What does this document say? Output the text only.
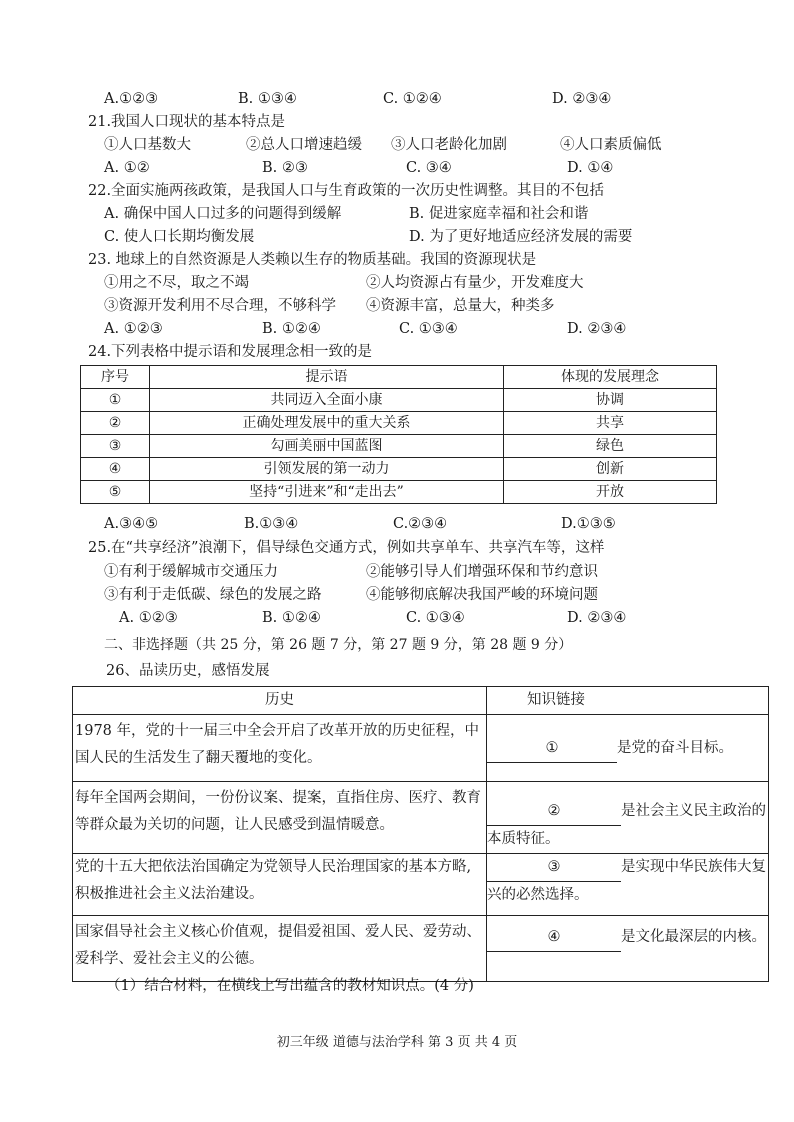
A.①②③	B. ①③④	C. ①②④	D. ②③④
21.我国人口现状的基本特点是
①人口基数大	②总人口增速趋缓 ③人口老龄化加剧	④人口素质偏低
A. ①②	B. ②③	C. ③④	D. ①④
22.全面实施两孩政策，是我国人口与生育政策的一次历史性调整。其目的不包括
A. 确保中国人口过多的问题得到缓解	B. 促进家庭幸福和社会和谐
C. 使人口长期均衡发展	D. 为了更好地适应经济发展的需要
23. 地球上的自然资源是人类赖以生存的物质基础。我国的资源现状是
①用之不尽，取之不竭	②人均资源占有量少，开发难度大
③资源开发利用不尽合理，不够科学 ④资源丰富，总量大，种类多
A. ①②③	B. ①②④	C. ①③④	D. ②③④
24.下列表格中提示语和发展理念相一致的是
序号	提示语	体现的发展理念
①	共同迈入全面小康	协调
②	正确处理发展中的重大关系	共享
③	勾画美丽中国蓝图	绿色
④	引领发展的第一动力	创新
⑤	坚持“引进来”和“走出去”	开放
A.③④⑤	B.①③④	C.②③④	D.①③⑤
25.在“共享经济”浪潮下，倡导绿色交通方式，例如共享单车、共享汽车等，这样
①有利于缓解城市交通压力	②能够引导人们增强环保和节约意识
③有利于走低碳、绿色的发展之路	④能够彻底解决我国严峻的环境问题
A. ①②③	B. ①②④	C. ①③④	D. ②③④
二、非选择题（共 25 分，第 26 题 7 分，第 27 题 9 分，第 28 题 9 分）
26、品读历史，感悟发展
历史	知识链接
1978 年，党的十一届三中全会开启了改革开放的历史征程，中国人民的生活发生了翻天覆地的变化。	① 是党的奋斗目标。
每年全国两会期间，一份份议案、提案，直指住房、医疗、教育等群众最为关切的问题，让人民感受到温情暖意。	② 是社会主义民主政治的本质特征。
党的十五大把依法治国确定为党领导人民治理国家的基本方略,积极推进社会主义法治建设。	③ 是实现中华民族伟大复兴的必然选择。
国家倡导社会主义核心价值观，提倡爱祖国、爱人民、爱劳动、爱科学、爱社会主义的公德。	④ 是文化最深层的内核。
（1）结合材料，在横线上写出蕴含的教材知识点。(4 分)
初三年级 道德与法治学科 第 3 页 共 4 页
